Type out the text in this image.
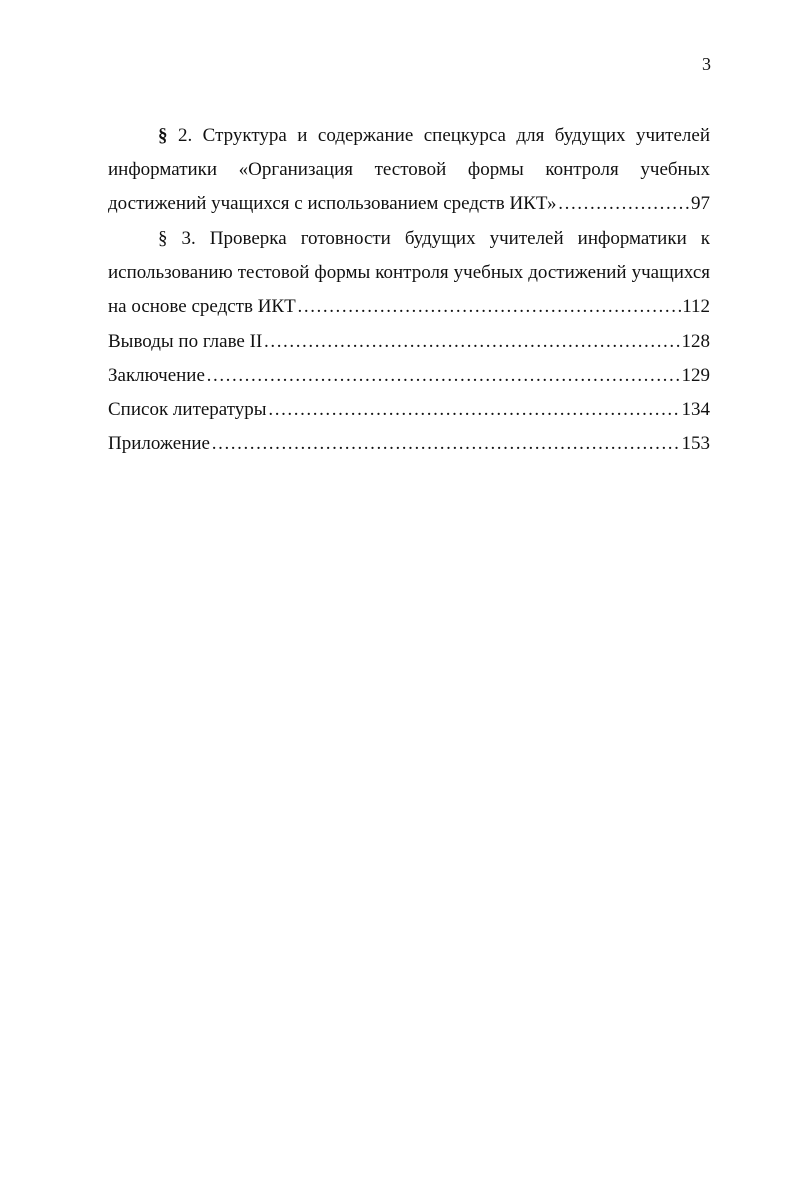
3
§ 2. Структура и содержание спецкурса для будущих учителей
информатики «Организация тестовой формы контроля учебных
достижений учащихся с использованием средств ИКТ» ……………………………………………………………………………………………………………………………………………	97
§ 3. Проверка готовности будущих учителей информатики к
использованию тестовой формы контроля учебных достижений учащихся
на основе средств ИКТ ……………………………………………………………………………………………………………………………………………	112
Выводы по главе II ……………………………………………………………………………………………………………………………………………	128
Заключение ……………………………………………………………………………………………………………………………………………	129
Список литературы ……………………………………………………………………………………………………………………………………………	134
Приложение ……………………………………………………………………………………………………………………………………………	153
